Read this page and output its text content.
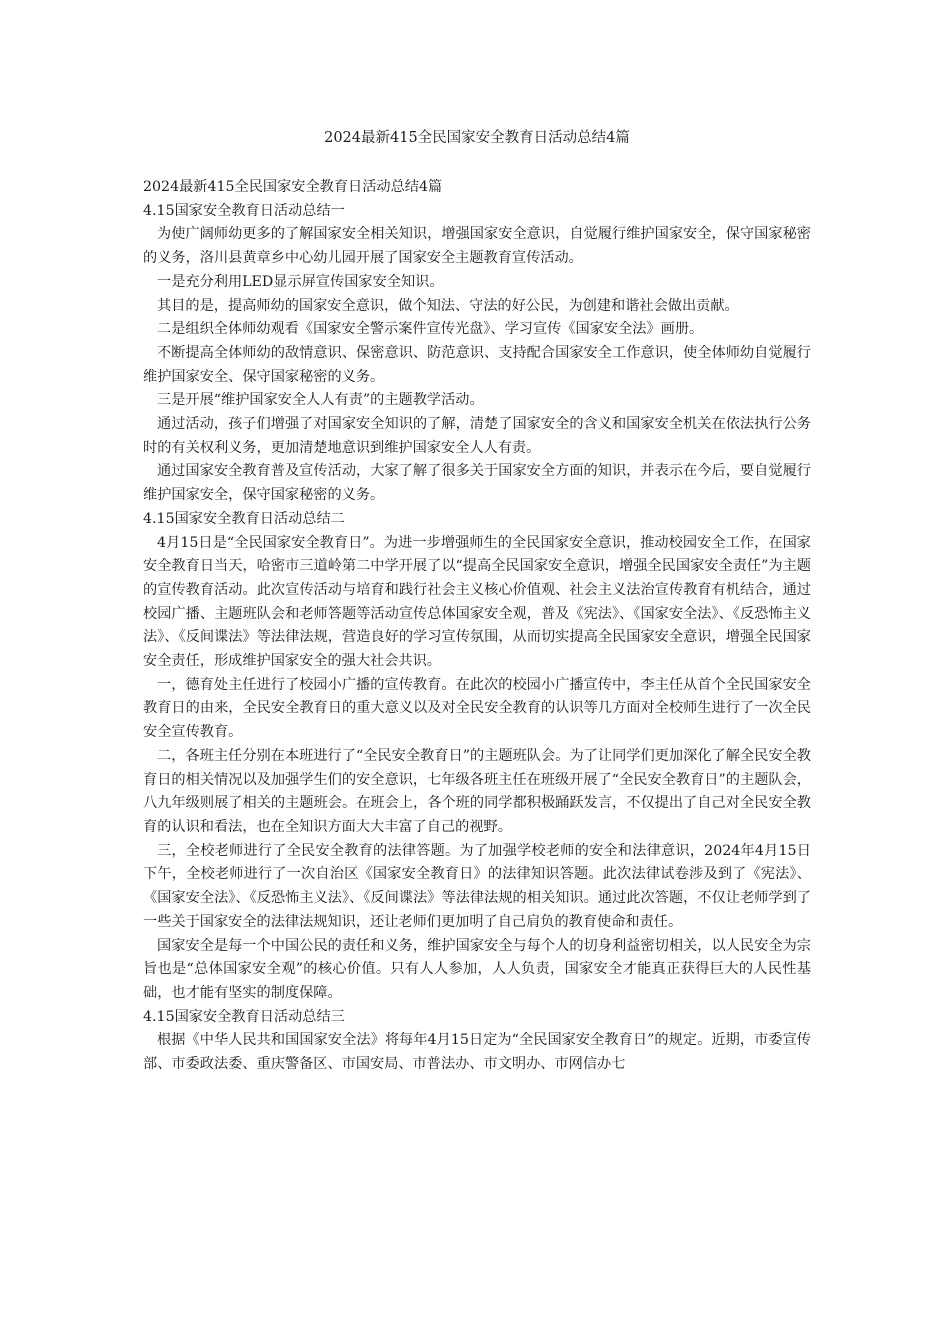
2024最新415全民国家安全教育日活动总结4篇

2024最新415全民国家安全教育日活动总结4篇

4.15国家安全教育日活动总结一

为使广阔师幼更多的了解国家安全相关知识，增强国家安全意识，自觉履行维护国家安全，保守国家秘密的义务，洛川县黄章乡中心幼儿园开展了国家安全主题教育宣传活动。

一是充分利用LED显示屏宣传国家安全知识。

其目的是，提高师幼的国家安全意识，做个知法、守法的好公民，为创建和谐社会做出贡献。

二是组织全体师幼观看《国家安全警示案件宣传光盘》、学习宣传《国家安全法》画册。

不断提高全体师幼的敌情意识、保密意识、防范意识、支持配合国家安全工作意识，使全体师幼自觉履行维护国家安全、保守国家秘密的义务。

三是开展“维护国家安全人人有责”的主题教学活动。

通过活动，孩子们增强了对国家安全知识的了解，清楚了国家安全的含义和国家安全机关在依法执行公务时的有关权利义务，更加清楚地意识到维护国家安全人人有责。

通过国家安全教育普及宣传活动，大家了解了很多关于国家安全方面的知识，并表示在今后，要自觉履行维护国家安全，保守国家秘密的义务。

4.15国家安全教育日活动总结二

4月15日是“全民国家安全教育日”。为进一步增强师生的全民国家安全意识，推动校园安全工作，在国家安全教育日当天，哈密市三道岭第二中学开展了以“提高全民国家安全意识，增强全民国家安全责任”为主题的宣传教育活动。此次宣传活动与培育和践行社会主义核心价值观、社会主义法治宣传教育有机结合，通过校园广播、主题班队会和老师答题等活动宣传总体国家安全观，普及《宪法》、《国家安全法》、《反恐怖主义法》、《反间谍法》等法律法规，营造良好的学习宣传氛围，从而切实提高全民国家安全意识，增强全民国家安全责任，形成维护国家安全的强大社会共识。

一，德育处主任进行了校园小广播的宣传教育。在此次的校园小广播宣传中，李主任从首个全民国家安全教育日的由来，全民安全教育日的重大意义以及对全民安全教育的认识等几方面对全校师生进行了一次全民安全宣传教育。

二，各班主任分别在本班进行了“全民安全教育日”的主题班队会。为了让同学们更加深化了解全民安全教育日的相关情况以及加强学生们的安全意识，七年级各班主任在班级开展了“全民安全教育日”的主题队会，八九年级则展了相关的主题班会。在班会上，各个班的同学都积极踊跃发言，不仅提出了自己对全民安全教育的认识和看法，也在全知识方面大大丰富了自己的视野。

三，全校老师进行了全民安全教育的法律答题。为了加强学校老师的安全和法律意识，2024年4月15日下午，全校老师进行了一次自治区《国家安全教育日》的法律知识答题。此次法律试卷涉及到了《宪法》、《国家安全法》、《反恐怖主义法》、《反间谍法》等法律法规的相关知识。通过此次答题，不仅让老师学到了一些关于国家安全的法律法规知识，还让老师们更加明了自己肩负的教育使命和责任。

国家安全是每一个中国公民的责任和义务，维护国家安全与每个人的切身利益密切相关，以人民安全为宗旨也是“总体国家安全观”的核心价值。只有人人参加，人人负责，国家安全才能真正获得巨大的人民性基础，也才能有坚实的制度保障。

4.15国家安全教育日活动总结三

根据《中华人民共和国国家安全法》将每年4月15日定为“全民国家安全教育日”的规定。近期，市委宣传部、市委政法委、重庆警备区、市国安局、市普法办、市文明办、市网信办七
